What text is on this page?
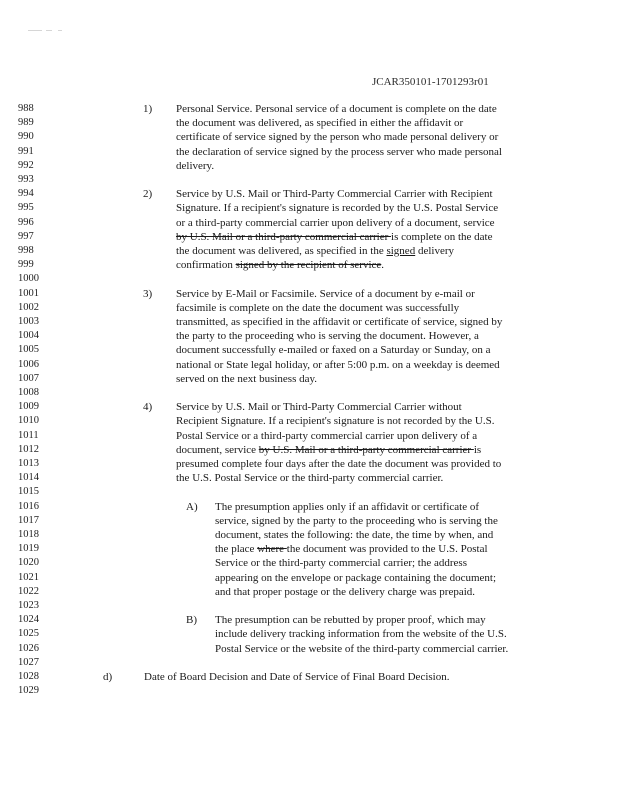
JCAR350101-1701293r01
988	1) Personal Service. Personal service of a document is complete on the date
989	the document was delivered, as specified in either the affidavit or
990	certificate of service signed by the person who made personal delivery or
991	the declaration of service signed by the process server who made personal
992	delivery.
993
994	2) Service by U.S. Mail or Third-Party Commercial Carrier with Recipient
995	Signature. If a recipient's signature is recorded by the U.S. Postal Service
996	or a third-party commercial carrier upon delivery of a document, service
997	by U.S. Mail or a third-party commercial carrier is complete on the date
998	the document was delivered, as specified in the signed delivery
999	confirmation signed by the recipient of service.
1000
1001	3) Service by E-Mail or Facsimile. Service of a document by e-mail or
1002	facsimile is complete on the date the document was successfully
1003	transmitted, as specified in the affidavit or certificate of service, signed by
1004	the party to the proceeding who is serving the document. However, a
1005	document successfully e-mailed or faxed on a Saturday or Sunday, on a
1006	national or State legal holiday, or after 5:00 p.m. on a weekday is deemed
1007	served on the next business day.
1008
1009	4) Service by U.S. Mail or Third-Party Commercial Carrier without
1010	Recipient Signature. If a recipient's signature is not recorded by the U.S.
1011	Postal Service or a third-party commercial carrier upon delivery of a
1012	document, service by U.S. Mail or a third-party commercial carrier is
1013	presumed complete four days after the date the document was provided to
1014	the U.S. Postal Service or the third-party commercial carrier.
1015
1016	A) The presumption applies only if an affidavit or certificate of
1017	service, signed by the party to the proceeding who is serving the
1018	document, states the following: the date, the time by when, and
1019	the place where the document was provided to the U.S. Postal
1020	Service or the third-party commercial carrier; the address
1021	appearing on the envelope or package containing the document;
1022	and that proper postage or the delivery charge was prepaid.
1023
1024	B) The presumption can be rebutted by proper proof, which may
1025	include delivery tracking information from the website of the U.S.
1026	Postal Service or the website of the third-party commercial carrier.
1027
1028	d)	Date of Board Decision and Date of Service of Final Board Decision.
1029
